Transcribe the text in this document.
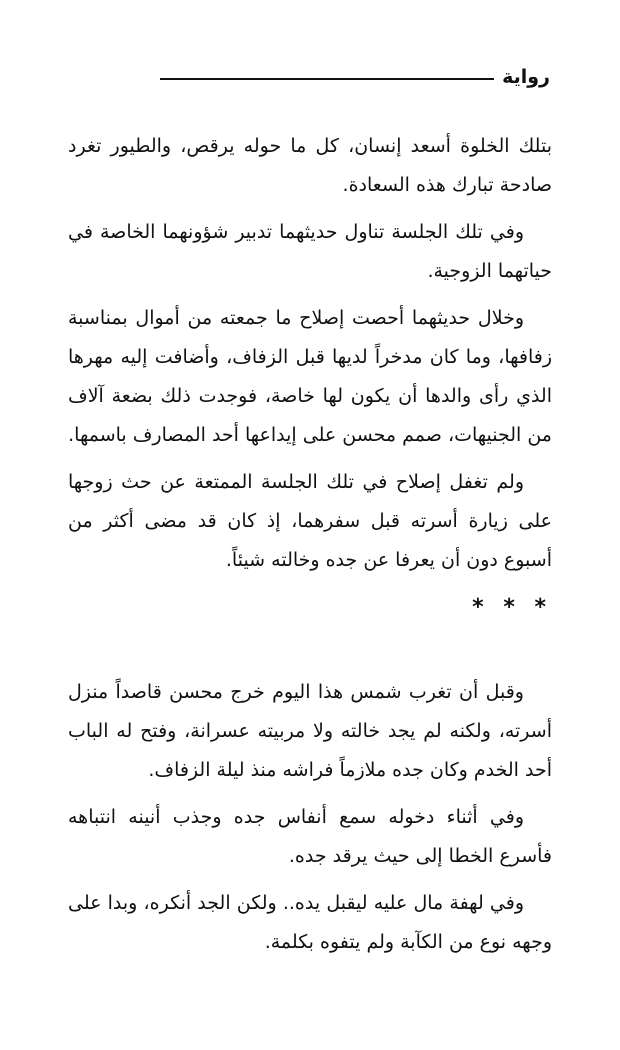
رواية

بتلك الخلوة أسعد إنسان، كل ما حوله يرقص، والطيور تغرد صادحة تبارك هذه السعادة.

وفي تلك الجلسة تناول حديثهما تدبير شؤونهما الخاصة في حياتهما الزوجية.

وخلال حديثهما أحصت إصلاح ما جمعته من أموال بمناسبة زفافها، وما كان مدخراً لديها قبل الزفاف، وأضافت إليه مهرها الذي رأى والدها أن يكون لها خاصة، فوجدت ذلك بضعة آلاف من الجنيهات، صمم محسن على إيداعها أحد المصارف باسمها.

ولم تغفل إصلاح في تلك الجلسة الممتعة عن حث زوجها على زيارة أسرته قبل سفرهما، إذ كان قد مضى أكثر من أسبوع دون أن يعرفا عن جده وخالته شيئاً.

* * *

وقبل أن تغرب شمس هذا اليوم خرج محسن قاصداً منزل أسرته، ولكنه لم يجد خالته ولا مربيته عسرانة، وفتح له الباب أحد الخدم وكان جده ملازماً فراشه منذ ليلة الزفاف.

وفي أثناء دخوله سمع أنفاس جده وجذب أنينه انتباهه فأسرع الخطا إلى حيث يرقد جده.

وفي لهفة مال عليه ليقبل يده.. ولكن الجد أنكره، وبدا على وجهه نوع من الكآبة ولم يتفوه بكلمة.
